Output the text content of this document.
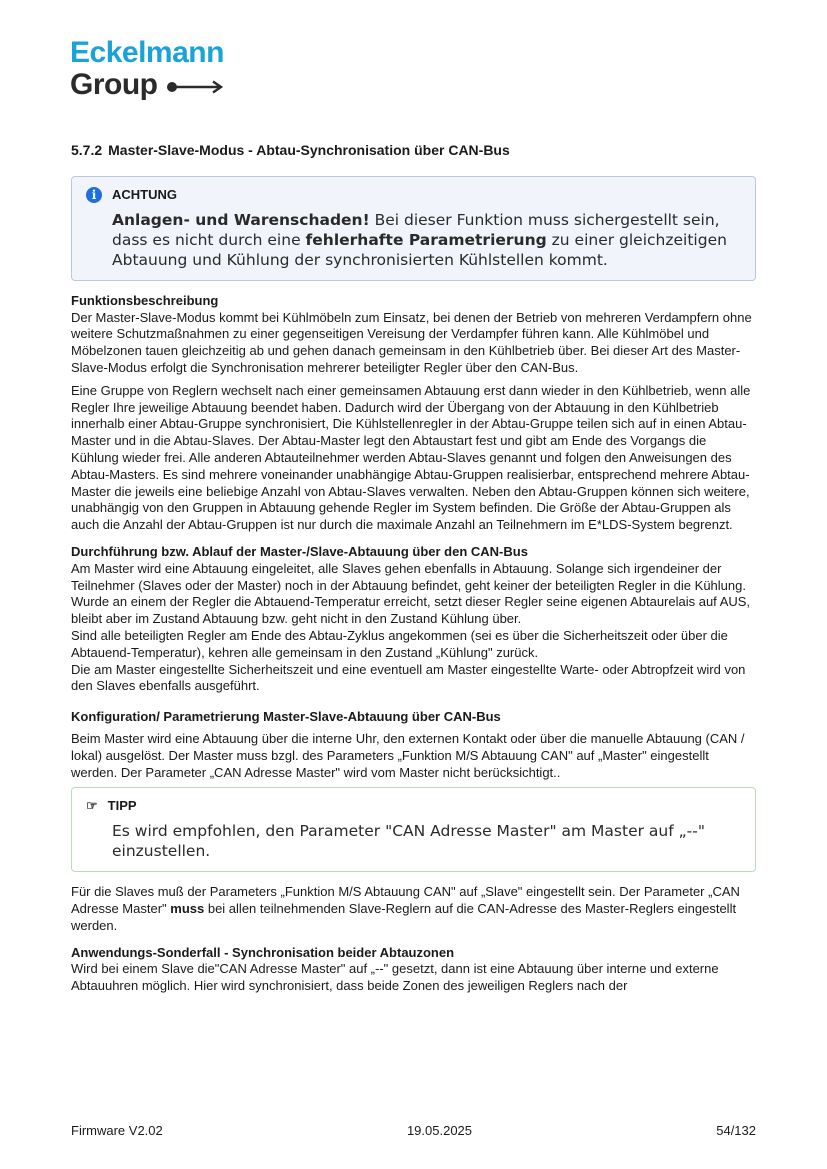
Eckelmann
Group
5.7.2 Master-Slave-Modus - Abtau-Synchronisation über CAN-Bus
i	ACHTUNG
Anlagen- und Warenschaden! Bei dieser Funktion muss sichergestellt sein, dass es nicht durch eine fehlerhafte Parametrierung zu einer gleichzeitigen Abtauung und Kühlung der synchronisierten Kühlstellen kommt.
Funktionsbeschreibung

Der Master-Slave-Modus kommt bei Kühlmöbeln zum Einsatz, bei denen der Betrieb von mehreren Verdampfern ohne weitere Schutzmaßnahmen zu einer gegenseitigen Vereisung der Verdampfer führen kann. Alle Kühlmöbel und Möbelzonen tauen gleichzeitig ab und gehen danach gemeinsam in den Kühlbetrieb über. Bei dieser Art des Master-Slave-Modus erfolgt die Synchronisation mehrerer beteiligter Regler über den CAN-Bus.

Eine Gruppe von Reglern wechselt nach einer gemeinsamen Abtauung erst dann wieder in den Kühlbetrieb, wenn alle Regler Ihre jeweilige Abtauung beendet haben. Dadurch wird der Übergang von der Abtauung in den Kühlbetrieb innerhalb einer Abtau-Gruppe synchronisiert, Die Kühlstellenregler in der Abtau-Gruppe teilen sich auf in einen Abtau-Master und in die Abtau-Slaves. Der Abtau-Master legt den Abtaustart fest und gibt am Ende des Vorgangs die Kühlung wieder frei. Alle anderen Abtauteilnehmer werden Abtau-Slaves genannt und folgen den Anweisungen des Abtau-Masters. Es sind mehrere voneinander unabhängige Abtau-Gruppen realisierbar, entsprechend mehrere Abtau-Master die jeweils eine beliebige Anzahl von Abtau-Slaves verwalten. Neben den Abtau-Gruppen können sich weitere, unabhängig von den Gruppen in Abtauung gehende Regler im System befinden. Die Größe der Abtau-Gruppen als auch die Anzahl der Abtau-Gruppen ist nur durch die maximale Anzahl an Teilnehmern im E*LDS-System begrenzt.

Durchführung bzw. Ablauf der Master-/Slave-Abtauung über den CAN-Bus
Am Master wird eine Abtauung eingeleitet, alle Slaves gehen ebenfalls in Abtauung. Solange sich irgendeiner der Teilnehmer (Slaves oder der Master) noch in der Abtauung befindet, geht keiner der beteiligten Regler in die Kühlung.
Wurde an einem der Regler die Abtauend-Temperatur erreicht, setzt dieser Regler seine eigenen Abtaurelais auf AUS, bleibt aber im Zustand Abtauung bzw. geht nicht in den Zustand Kühlung über.
Sind alle beteiligten Regler am Ende des Abtau-Zyklus angekommen (sei es über die Sicherheitszeit oder über die Abtauend-Temperatur), kehren alle gemeinsam in den Zustand „Kühlung" zurück.
Die am Master eingestellte Sicherheitszeit und eine eventuell am Master eingestellte Warte- oder Abtropfzeit wird von den Slaves ebenfalls ausgeführt.
Konfiguration/ Parametrierung Master-Slave-Abtauung über CAN-Bus

Beim Master wird eine Abtauung über die interne Uhr, den externen Kontakt oder über die manuelle Abtauung (CAN / lokal) ausgelöst. Der Master muss bzgl. des Parameters „Funktion M/S Abtauung CAN" auf „Master" eingestellt werden. Der Parameter „CAN Adresse Master" wird vom Master nicht berücksichtigt..

☞ TIPP
Es wird empfohlen, den Parameter "CAN Adresse Master" am Master auf „--" einzustellen.

Für die Slaves muß der Parameters „Funktion M/S Abtauung CAN" auf „Slave" eingestellt sein. Der Parameter „CAN Adresse Master" muss bei allen teilnehmenden Slave-Reglern auf die CAN-Adresse des Master-Reglers eingestellt werden.

Anwendungs-Sonderfall - Synchronisation beider Abtauzonen

Wird bei einem Slave die"CAN Adresse Master" auf „--" gesetzt, dann ist eine Abtauung über interne und externe Abtauuhren möglich. Hier wird synchronisiert, dass beide Zonen des jeweiligen Reglers nach der

Firmware V2.02	19.05.2025	54/132
